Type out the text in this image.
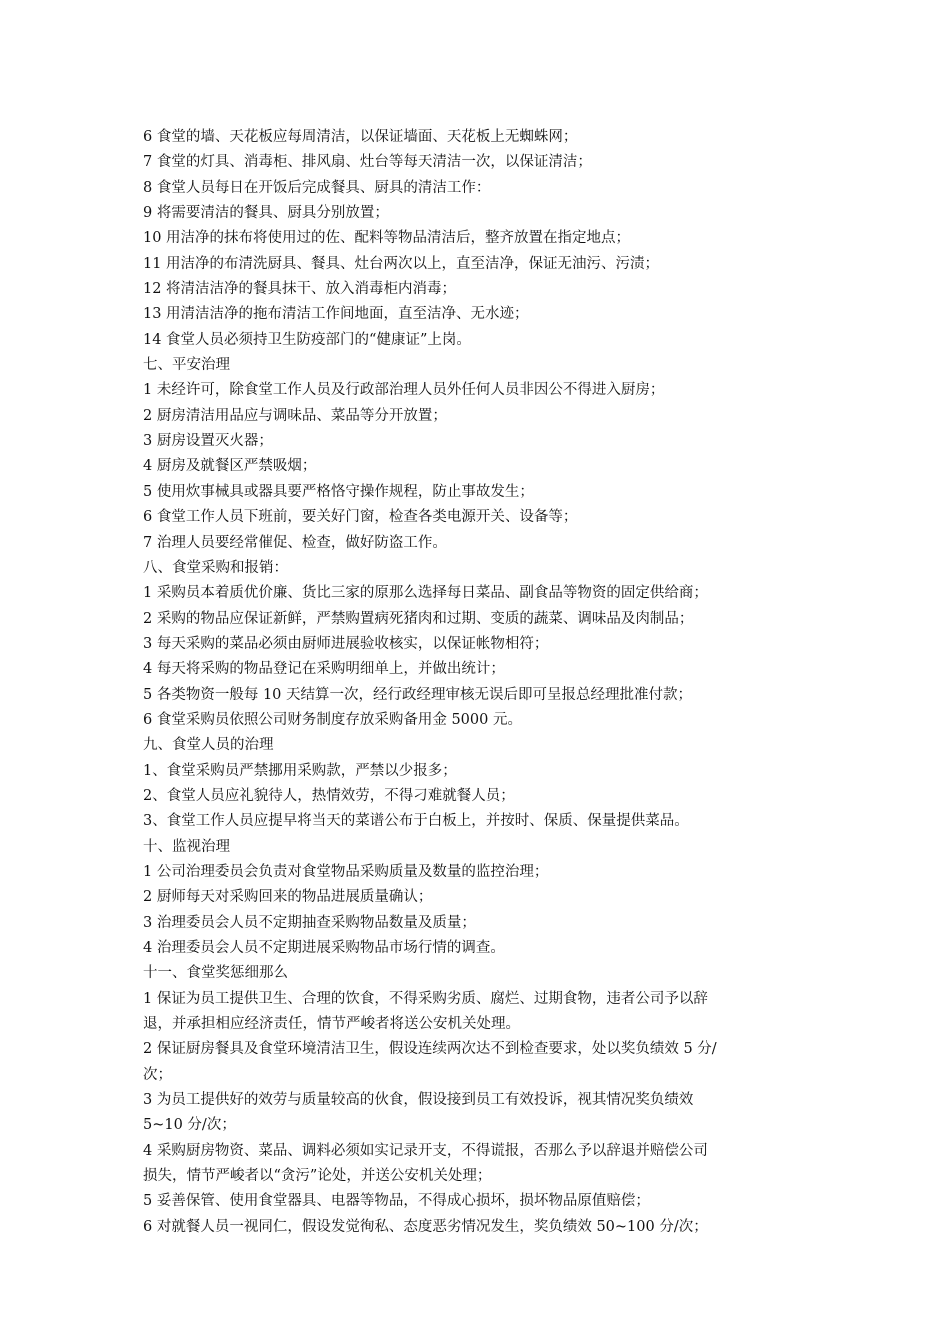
6 食堂的墙、天花板应每周清洁，以保证墙面、天花板上无蜘蛛网；
7 食堂的灯具、消毒柜、排风扇、灶台等每天清洁一次，以保证清洁；
8 食堂人员每日在开饭后完成餐具、厨具的清洁工作：
9 将需要清洁的餐具、厨具分别放置；
10 用洁净的抹布将使用过的佐、配料等物品清洁后，整齐放置在指定地点；
11 用洁净的布清洗厨具、餐具、灶台两次以上，直至洁净，保证无油污、污渍；
12 将清洁洁净的餐具抹干、放入消毒柜内消毒；
13 用清洁洁净的拖布清洁工作间地面，直至洁净、无水迹；
14 食堂人员必须持卫生防疫部门的“健康证”上岗。
七、平安治理
1 未经许可，除食堂工作人员及行政部治理人员外任何人员非因公不得进入厨房；
2 厨房清洁用品应与调味品、菜品等分开放置；
3 厨房设置灭火器；
4 厨房及就餐区严禁吸烟；
5 使用炊事械具或器具要严格恪守操作规程，防止事故发生；
6 食堂工作人员下班前，要关好门窗，检查各类电源开关、设备等；
7 治理人员要经常催促、检查，做好防盗工作。
八、食堂采购和报销：
1 采购员本着质优价廉、货比三家的原那么选择每日菜品、副食品等物资的固定供给商；
2 采购的物品应保证新鲜，严禁购置病死猪肉和过期、变质的蔬菜、调味品及肉制品；
3 每天采购的菜品必须由厨师进展验收核实，以保证帐物相符；
4 每天将采购的物品登记在采购明细单上，并做出统计；
5 各类物资一般每 10 天结算一次，经行政经理审核无误后即可呈报总经理批准付款；
6 食堂采购员依照公司财务制度存放采购备用金 5000 元。
九、食堂人员的治理
1、食堂采购员严禁挪用采购款，严禁以少报多；
2、食堂人员应礼貌待人，热情效劳，不得刁难就餐人员；
3、食堂工作人员应提早将当天的菜谱公布于白板上，并按时、保质、保量提供菜品。
十、监视治理
1 公司治理委员会负责对食堂物品采购质量及数量的监控治理；
2 厨师每天对采购回来的物品进展质量确认；
3 治理委员会人员不定期抽查采购物品数量及质量；
4 治理委员会人员不定期进展采购物品市场行情的调查。
十一、食堂奖惩细那么
1 保证为员工提供卫生、合理的饮食，不得采购劣质、腐烂、过期食物，违者公司予以辞
退，并承担相应经济责任，情节严峻者将送公安机关处理。
2 保证厨房餐具及食堂环境清洁卫生，假设连续两次达不到检查要求，处以奖负绩效 5 分/
次；
3 为员工提供好的效劳与质量较高的伙食，假设接到员工有效投诉，视其情况奖负绩效
5~10 分/次；
4 采购厨房物资、菜品、调料必须如实记录开支，不得谎报，否那么予以辞退并赔偿公司
损失，情节严峻者以“贪污”论处，并送公安机关处理；
5 妥善保管、使用食堂器具、电器等物品，不得成心损坏，损坏物品原值赔偿；
6 对就餐人员一视同仁，假设发觉徇私、态度恶劣情况发生，奖负绩效 50~100 分/次；
